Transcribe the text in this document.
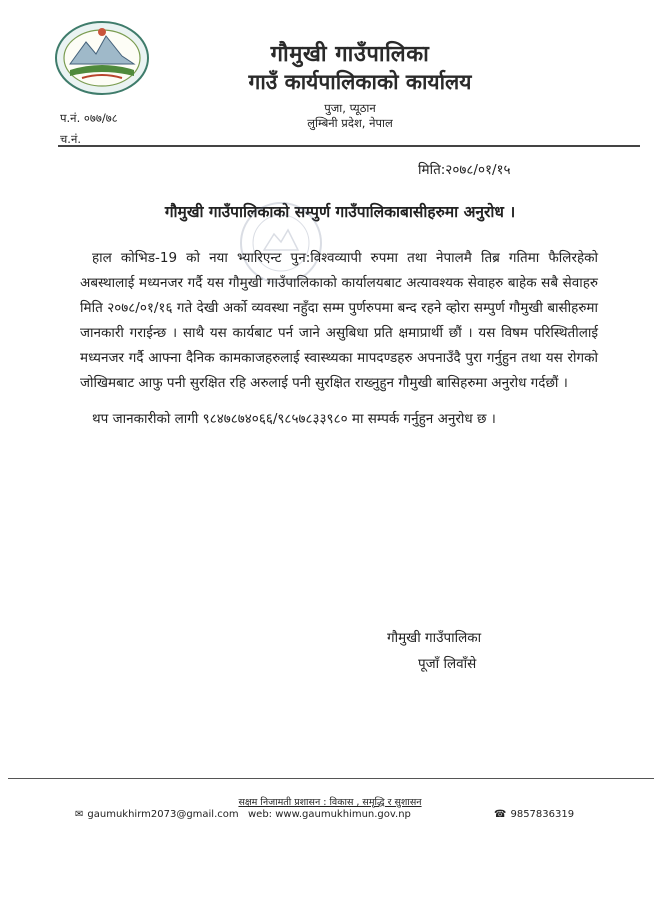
गौमुखी गाउँपालिका
गाउँ कार्यपालिकाको कार्यालय
पुजा, प्यूठान
लुम्बिनी प्रदेश, नेपाल
प.नं. ०७७/७८
च.नं.
मिति:२०७८/०१/१५
गौमुखी गाउँपालिकाको सम्पुर्ण गाउँपालिकाबासीहरुमा अनुरोध ।

हाल कोभिड-19 को नया भ्यारिएन्ट पुन:विश्वव्यापी रुपमा तथा नेपालमै तिब्र गतिमा फैलिरहेको अबस्थालाई मध्यनजर गर्दै यस गौमुखी गाउँपालिकाको कार्यालयबाट अत्यावश्यक सेवाहरु बाहेक सबै सेवाहरु मिति २०७८/०१/१६ गते देखी अर्को व्यवस्था नहुँदा सम्म पुर्णरुपमा बन्द रहने व्होरा सम्पुर्ण गौमुखी बासीहरुमा जानकारी गराईन्छ । साथै यस कार्यबाट पर्न जाने असुबिधा प्रति क्षमाप्रार्थी छौं । यस विषम परिस्थितीलाई मध्यनजर गर्दै आफ्ना दैनिक कामकाजहरुलाई स्वास्थ्यका मापदण्डहरु अपनाउँदै पुरा गर्नुहुन तथा यस रोगको जोखिमबाट आफु पनी सुरक्षित रहि अरुलाई पनी सुरक्षित राख्नुहुन गौमुखी बासिहरुमा अनुरोध गर्दछौं ।

थप जानकारीको लागी ९८४७८७४०६६/९८५७८३३९८० मा सम्पर्क गर्नुहुन अनुरोध छ ।

गौमुखी गाउँपालिका
पूजाँ लिवाँसे
सक्षम निजामती प्रशासन : विकास , समृद्धि र सुशासन
✉ gaumukhirm2073@gmail.com web: www.gaumukhimun.gov.np	☎ 9857836319
